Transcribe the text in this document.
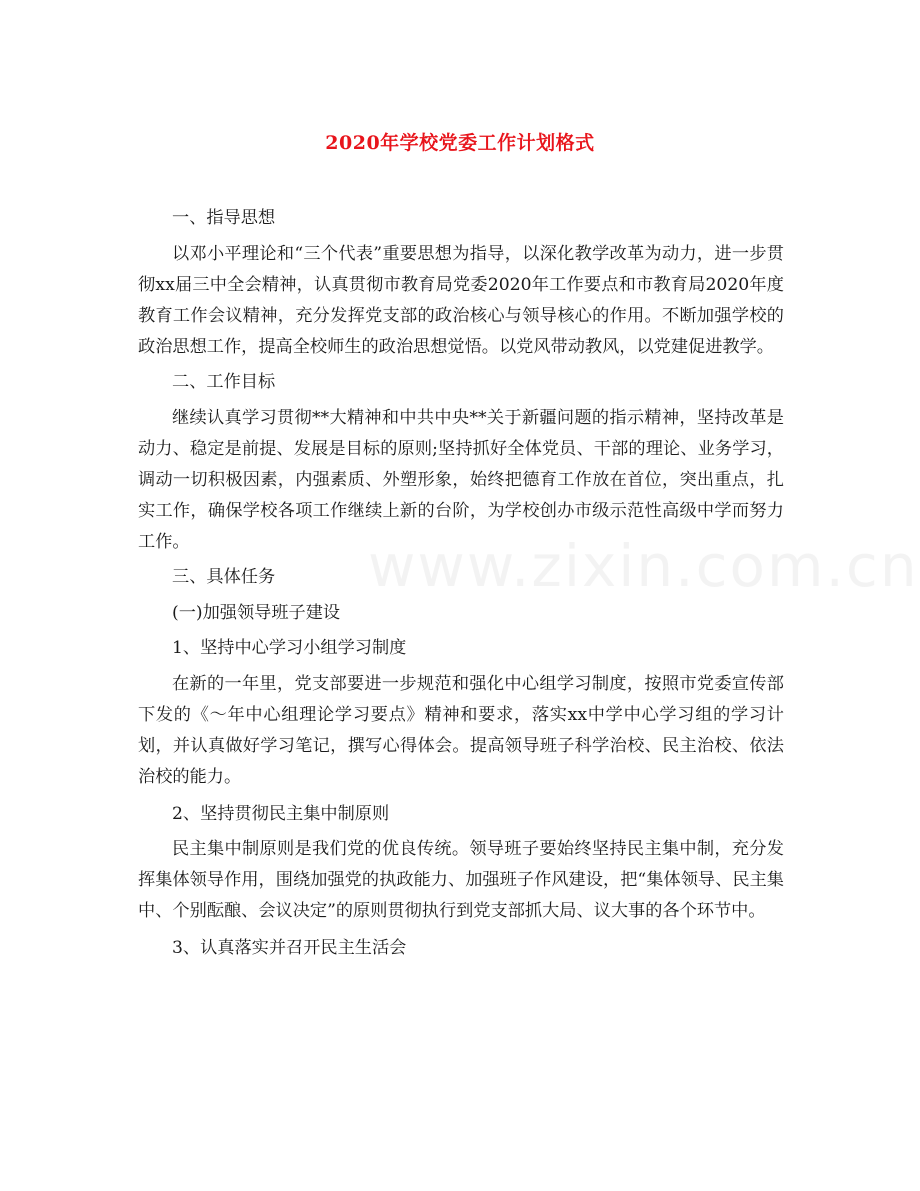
2020年学校党委工作计划格式

一、指导思想

以邓小平理论和“三个代表”重要思想为指导，以深化教学改革为动力，进一步贯彻xx届三中全会精神，认真贯彻市教育局党委2020年工作要点和市教育局2020年度教育工作会议精神，充分发挥党支部的政治核心与领导核心的作用。不断加强学校的政治思想工作，提高全校师生的政治思想觉悟。以党风带动教风，以党建促进教学。

二、工作目标

继续认真学习贯彻**大精神和中共中央**关于新疆问题的指示精神，坚持改革是动力、稳定是前提、发展是目标的原则;坚持抓好全体党员、干部的理论、业务学习，调动一切积极因素，内强素质、外塑形象，始终把德育工作放在首位，突出重点，扎实工作，确保学校各项工作继续上新的台阶，为学校创办市级示范性高级中学而努力工作。

三、具体任务

(一)加强领导班子建设

1、坚持中心学习小组学习制度

在新的一年里，党支部要进一步规范和强化中心组学习制度，按照市党委宣传部下发的《～年中心组理论学习要点》精神和要求，落实xx中学中心学习组的学习计划，并认真做好学习笔记，撰写心得体会。提高领导班子科学治校、民主治校、依法治校的能力。

2、坚持贯彻民主集中制原则

民主集中制原则是我们党的优良传统。领导班子要始终坚持民主集中制，充分发挥集体领导作用，围绕加强党的执政能力、加强班子作风建设，把“集体领导、民主集中、个别酝酿、会议决定”的原则贯彻执行到党支部抓大局、议大事的各个环节中。

3、认真落实并召开民主生活会

www.zixin.com.cn
